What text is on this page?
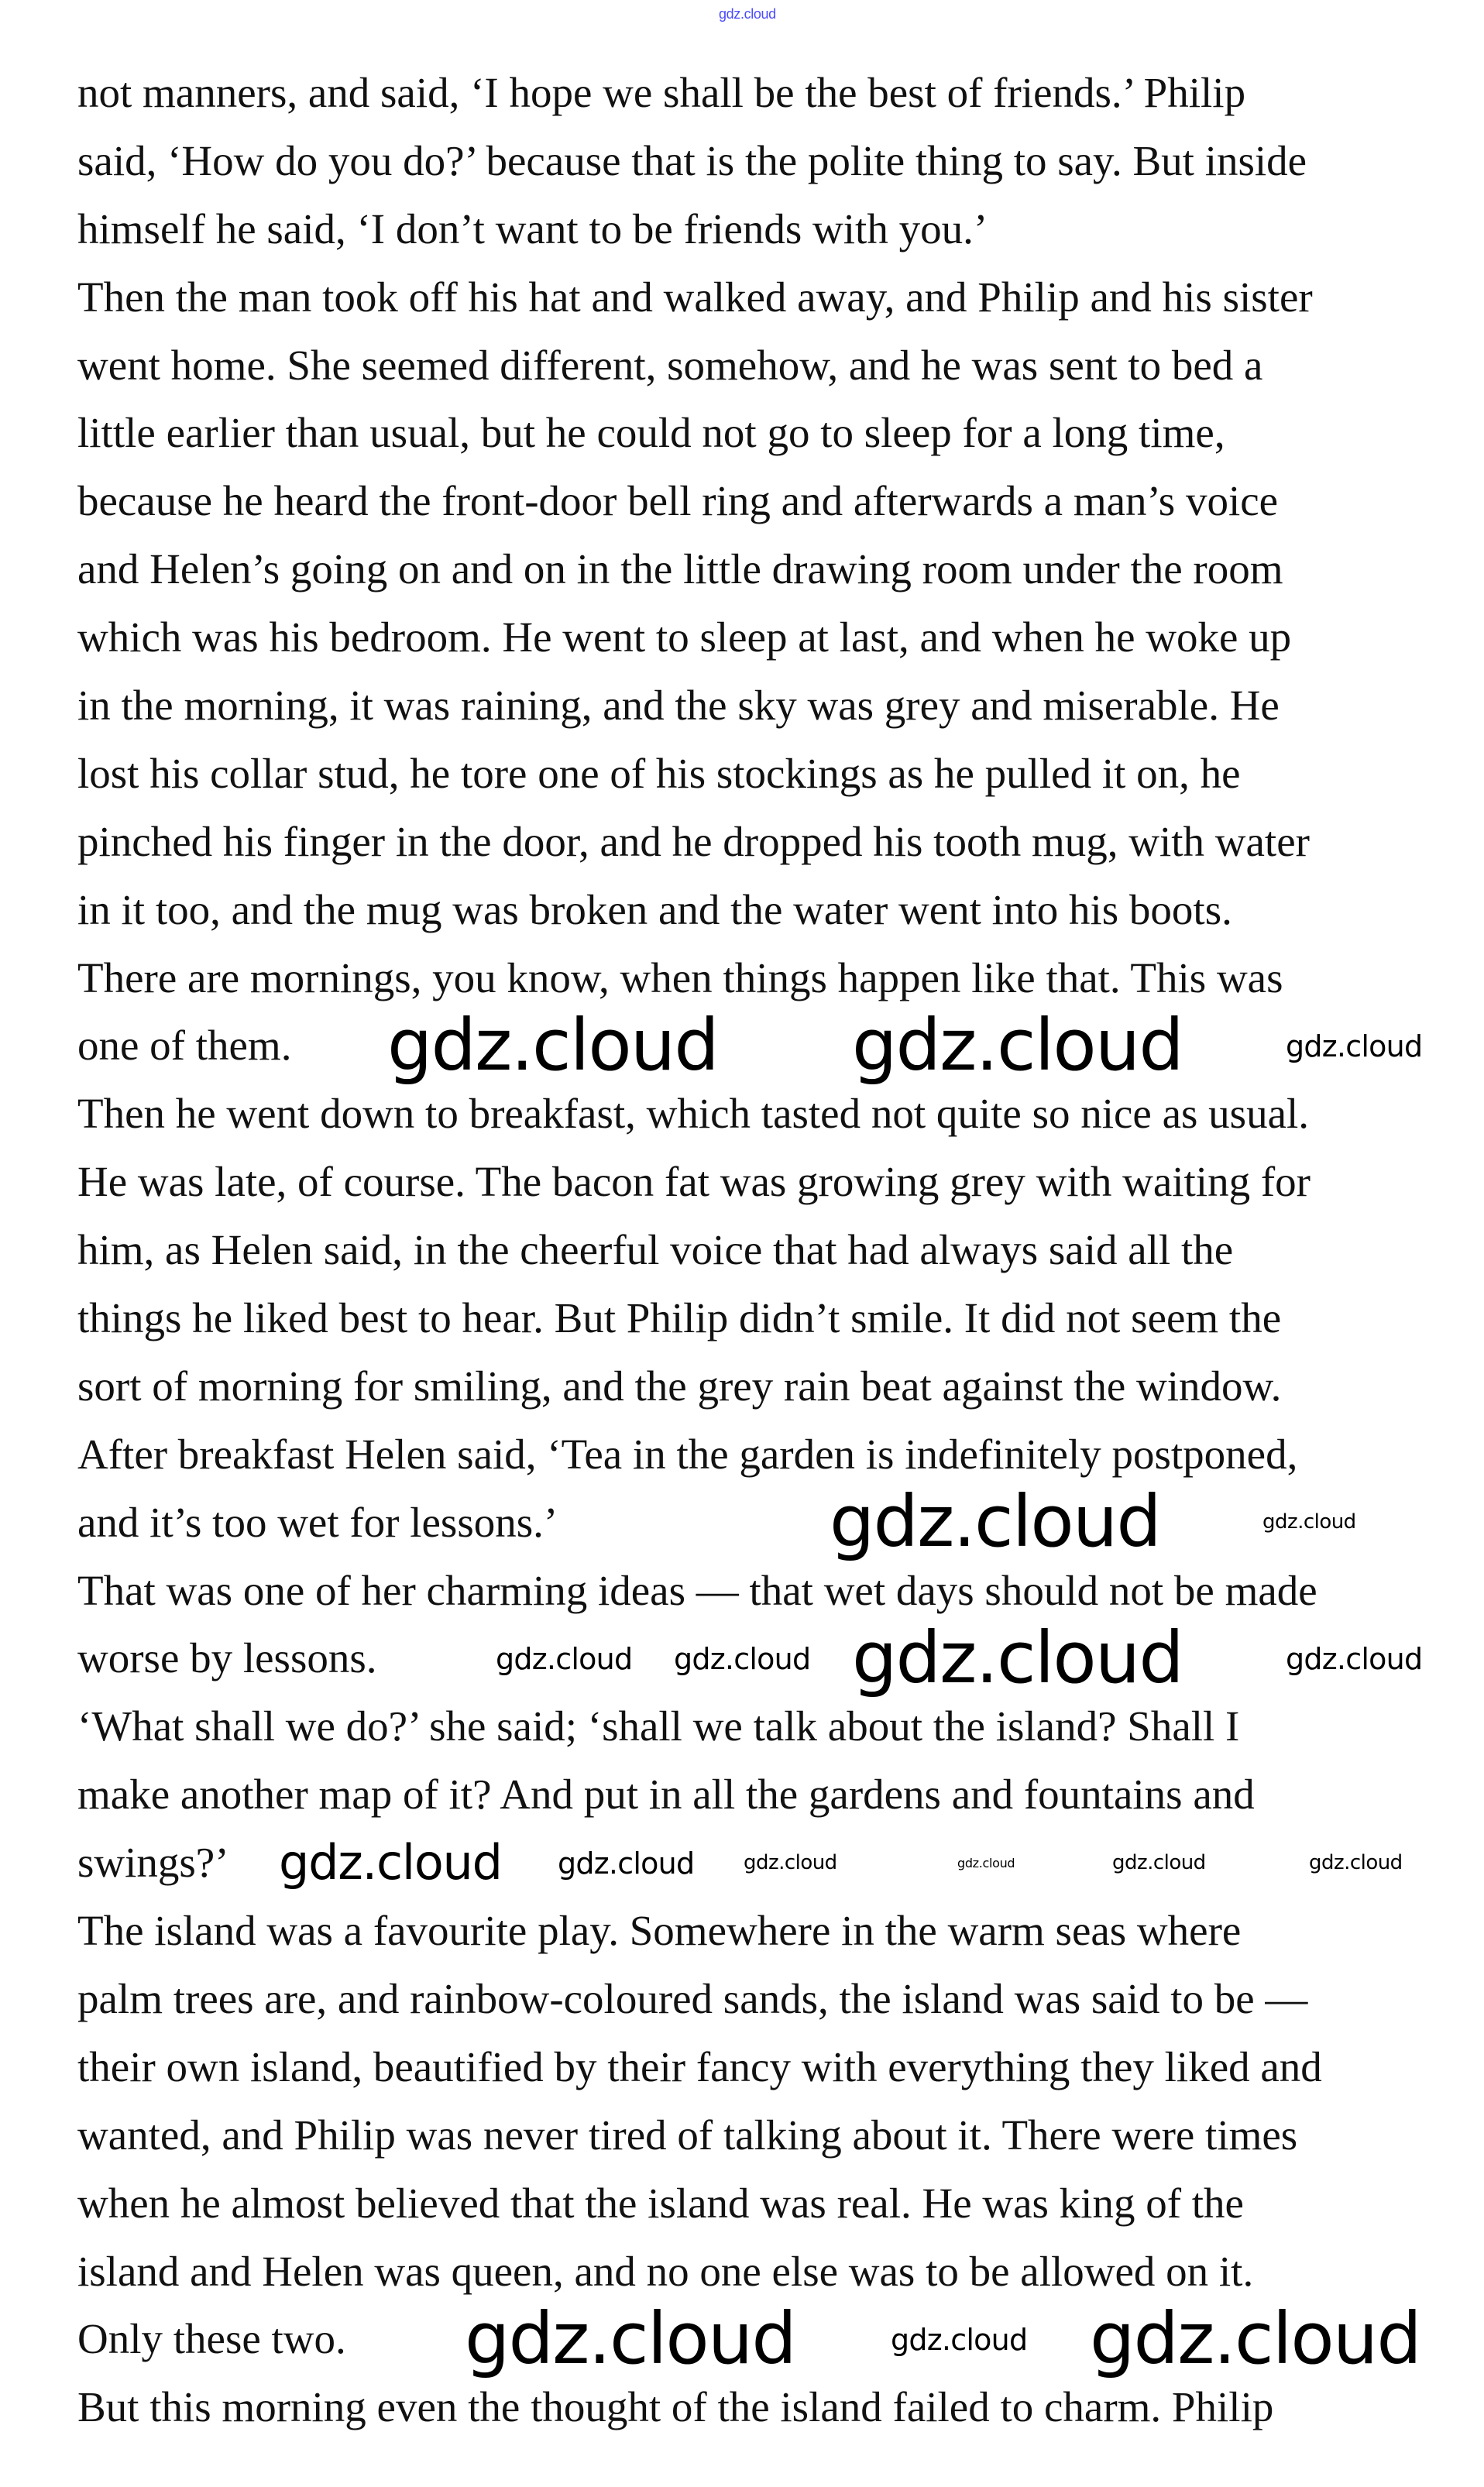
not manners, and said, ‘I hope we shall be the best of friends.’ Philip
said, ‘How do you do?’ because that is the polite thing to say. But inside
himself he said, ‘I don’t want to be friends with you.’
Then the man took off his hat and walked away, and Philip and his sister
went home. She seemed different, somehow, and he was sent to bed a
little earlier than usual, but he could not go to sleep for a long time,
because he heard the front-door bell ring and afterwards a man’s voice
and Helen’s going on and on in the little drawing room under the room
which was his bedroom. He went to sleep at last, and when he woke up
in the morning, it was raining, and the sky was grey and miserable. He
lost his collar stud, he tore one of his stockings as he pulled it on, he
pinched his finger in the door, and he dropped his tooth mug, with water
in it too, and the mug was broken and the water went into his boots.
There are mornings, you know, when things happen like that. This was
one of them.
Then he went down to breakfast, which tasted not quite so nice as usual.
He was late, of course. The bacon fat was growing grey with waiting for
him, as Helen said, in the cheerful voice that had always said all the
things he liked best to hear. But Philip didn’t smile. It did not seem the
sort of morning for smiling, and the grey rain beat against the window.
After breakfast Helen said, ‘Tea in the garden is indefinitely postponed,
and it’s too wet for lessons.’
That was one of her charming ideas — that wet days should not be made
worse by lessons.
‘What shall we do?’ she said; ‘shall we talk about the island? Shall I
make another map of it? And put in all the gardens and fountains and
swings?’
The island was a favourite play. Somewhere in the warm seas where
palm trees are, and rainbow-coloured sands, the island was said to be —
their own island, beautified by their fancy with everything they liked and
wanted, and Philip was never tired of talking about it. There were times
when he almost believed that the island was real. He was king of the
island and Helen was queen, and no one else was to be allowed on it.
Only these two.
But this morning even the thought of the island failed to charm. Philip
gdz.cloud
gdz.cloud gdz.cloud	gdz.cloud
gdz.cloud	gdz.cloud
gdz.cloud gdz.cloud gdz.cloud	gdz.cloud
gdz.cloud gdz.cloud gdz.cloud	gdz.cloud	gdz.cloud	gdz.cloud
gdz.cloud	gdz.cloud gdz.cloud
